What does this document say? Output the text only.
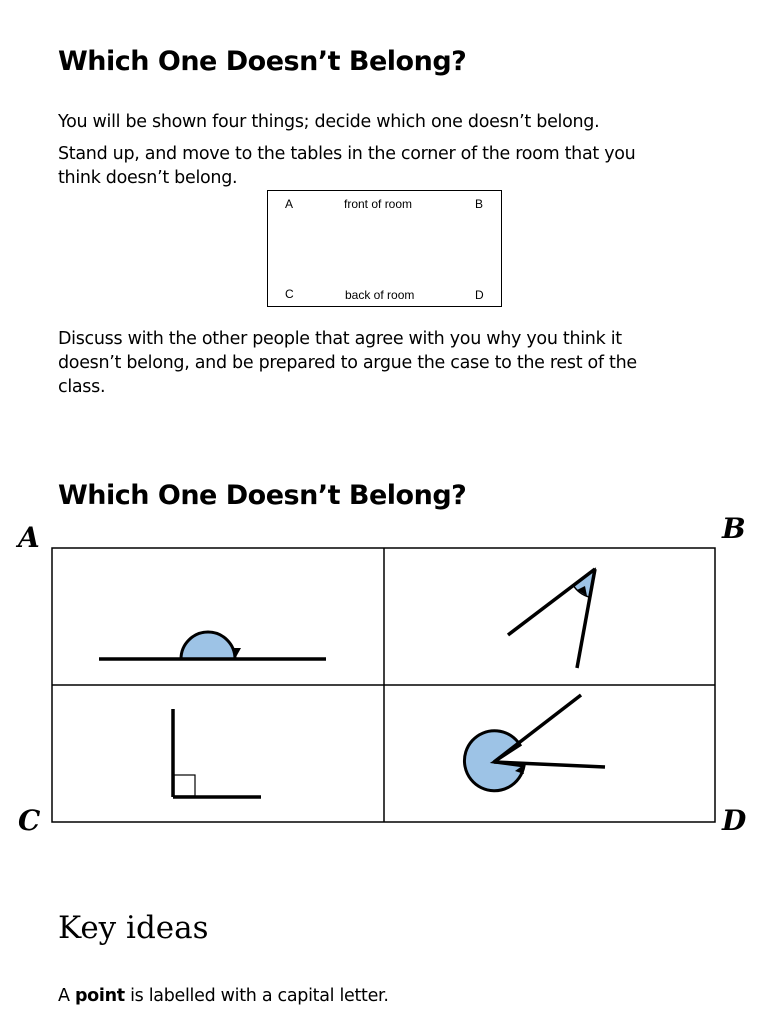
Which One Doesn’t Belong?
You will be shown four things; decide which one doesn’t belong.
Stand up, and move to the tables in the corner of the room that you
think doesn’t belong.
A	front of room	B
C	back of room	D
Discuss with the other people that agree with you why you think it
doesn’t belong, and be prepared to argue the case to the rest of the
class.
Which One Doesn’t Belong?
A	B
C	D
Key ideas
A point is labelled with a capital letter.
